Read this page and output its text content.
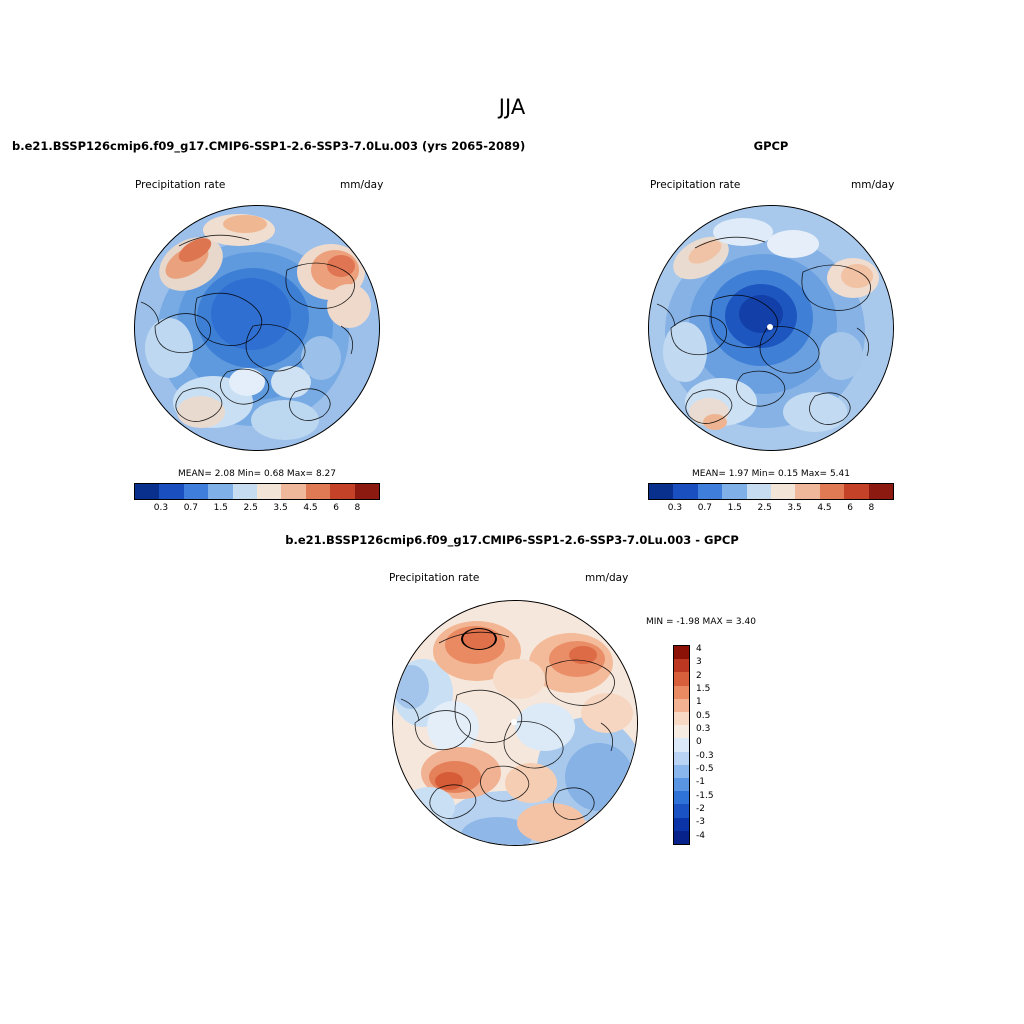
JJA
b.e21.BSSP126cmip6.f09_g17.CMIP6-SSP1-2.6-SSP3-7.0Lu.003 (yrs 2065-2089)
Precipitation rate	mm/day
MEAN= 2.08 Min= 0.68 Max= 8.27
0.3	0.7	1.5	2.5	3.5	4.5	6	8
GPCP
Precipitation rate	mm/day
MEAN= 1.97 Min= 0.15 Max= 5.41
0.3	0.7	1.5	2.5	3.5	4.5	6	8
b.e21.BSSP126cmip6.f09_g17.CMIP6-SSP1-2.6-SSP3-7.0Lu.003 - GPCP
Precipitation rate	mm/day
MIN = -1.98 MAX = 3.40
4
3
2
1.5
1
0.5
0.3
0
-0.3
-0.5
-1
-1.5
-2
-3
-4
